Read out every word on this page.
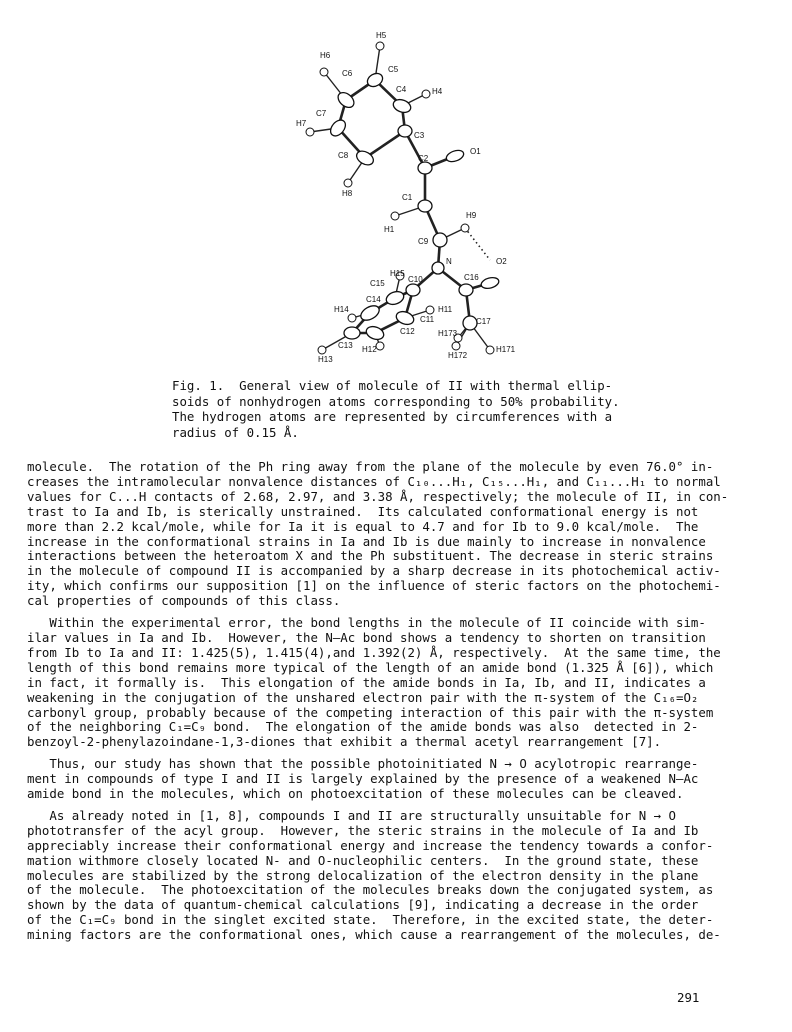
H5
H6
C6	C5
C4	H4
C7
H7
C3
C8	C2
O1
H8	C1
H9
H1
C9
N	O2
C15
H15
C10	C16
C14
H11
H14
C11	C17
C12	H173
C13 H12	H171
H13	H172
Fig. 1.  General view of molecule of II with thermal ellip-
soids of nonhydrogen atoms corresponding to 50% probability.
The hydrogen atoms are represented by circumferences with a
radius of 0.15 Å.
molecule.  The rotation of the Ph ring away from the plane of the molecule by even 76.0° in-
creases the intramolecular nonvalence distances of C₁₀...H₁, C₁₅...H₁, and C₁₁...H₁ to normal
values for C...H contacts of 2.68, 2.97, and 3.38 Å, respectively; the molecule of II, in con-
trast to Ia and Ib, is sterically unstrained.  Its calculated conformational energy is not
more than 2.2 kcal/mole, while for Ia it is equal to 4.7 and for Ib to 9.0 kcal/mole.  The
increase in the conformational strains in Ia and Ib is due mainly to increase in nonvalence
interactions between the heteroatom X and the Ph substituent. The decrease in steric strains
in the molecule of compound II is accompanied by a sharp decrease in its photochemical activ-
ity, which confirms our supposition [1] on the influence of steric factors on the photochemi-
cal properties of compounds of this class.
Within the experimental error, the bond lengths in the molecule of II coincide with sim-
ilar values in Ia and Ib.  However, the N—Ac bond shows a tendency to shorten on transition
from Ib to Ia and II: 1.425(5), 1.415(4),and 1.392(2) Å, respectively.  At the same time, the
length of this bond remains more typical of the length of an amide bond (1.325 Å [6]), which
in fact, it formally is.  This elongation of the amide bonds in Ia, Ib, and II, indicates a
weakening in the conjugation of the unshared electron pair with the π-system of the C₁₆=O₂
carbonyl group, probably because of the competing interaction of this pair with the π-system
of the neighboring C₁=C₉ bond.  The elongation of the amide bonds was also  detected in 2-
benzoyl-2-phenylazoindane-1,3-diones that exhibit a thermal acetyl rearrangement [7].
Thus, our study has shown that the possible photoinitiated N → O acylotropic rearrange-
ment in compounds of type I and II is largely explained by the presence of a weakened N—Ac
amide bond in the molecules, which on photoexcitation of these molecules can be cleaved.
As already noted in [1, 8], compounds I and II are structurally unsuitable for N → O
phototransfer of the acyl group.  However, the steric strains in the molecule of Ia and Ib
appreciably increase their conformational energy and increase the tendency towards a confor-
mation withmore closely located N- and O-nucleophilic centers.  In the ground state, these
molecules are stabilized by the strong delocalization of the electron density in the plane
of the molecule.  The photoexcitation of the molecules breaks down the conjugated system, as
shown by the data of quantum-chemical calculations [9], indicating a decrease in the order
of the C₁=C₉ bond in the singlet excited state.  Therefore, in the excited state, the deter-
mining factors are the conformational ones, which cause a rearrangement of the molecules, de-
291
